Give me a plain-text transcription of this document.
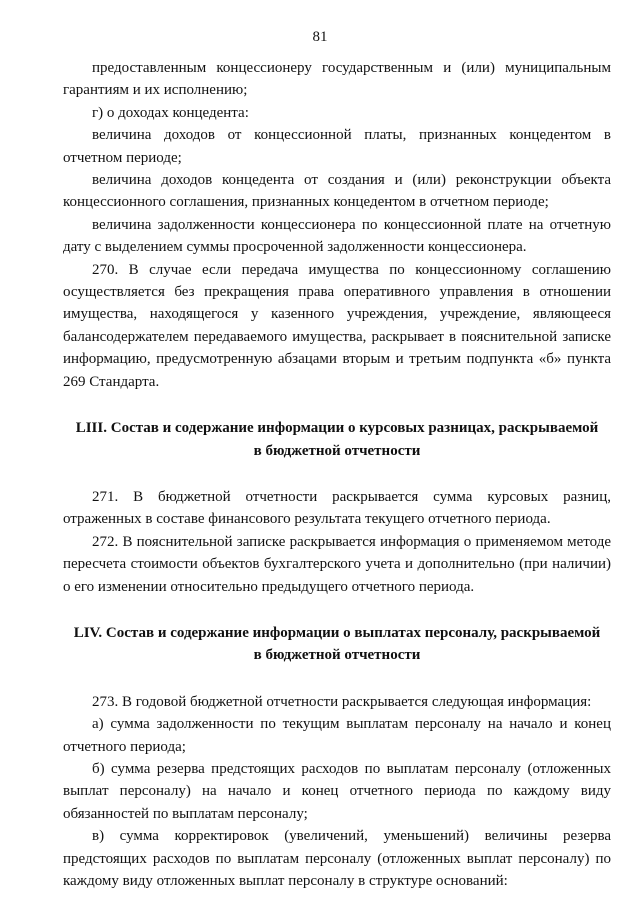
81

предоставленным концессионеру государственным и (или) муниципальным гарантиям и их исполнению;

г) о доходах концедента:

величина доходов от концессионной платы, признанных концедентом в отчетном периоде;

величина доходов концедента от создания и (или) реконструкции объекта концессионного соглашения, признанных концедентом в отчетном периоде;

величина задолженности концессионера по концессионной плате на отчетную дату с выделением суммы просроченной задолженности концессионера.

270. В случае если передача имущества по концессионному соглашению осуществляется без прекращения права оперативного управления в отношении имущества, находящегося у казенного учреждения, учреждение, являющееся балансодержателем передаваемого имущества, раскрывает в пояснительной записке информацию, предусмотренную абзацами вторым и третьим подпункта «б» пункта 269 Стандарта.

LIII. Состав и содержание информации о курсовых разницах, раскрываемой
в бюджетной отчетности

271. В бюджетной отчетности раскрывается сумма курсовых разниц, отраженных в составе финансового результата текущего отчетного периода.

272. В пояснительной записке раскрывается информация о применяемом методе пересчета стоимости объектов бухгалтерского учета и дополнительно (при наличии) о его изменении относительно предыдущего отчетного периода.

LIV. Состав и содержание информации о выплатах персоналу, раскрываемой
в бюджетной отчетности

273. В годовой бюджетной отчетности раскрывается следующая информация:

а) сумма задолженности по текущим выплатам персоналу на начало и конец отчетного периода;

б) сумма резерва предстоящих расходов по выплатам персоналу (отложенных выплат персоналу) на начало и конец отчетного периода по каждому виду обязанностей по выплатам персоналу;

в) сумма корректировок (увеличений, уменьшений) величины резерва предстоящих расходов по выплатам персоналу (отложенных выплат персоналу) по каждому виду отложенных выплат персоналу в структуре оснований:
